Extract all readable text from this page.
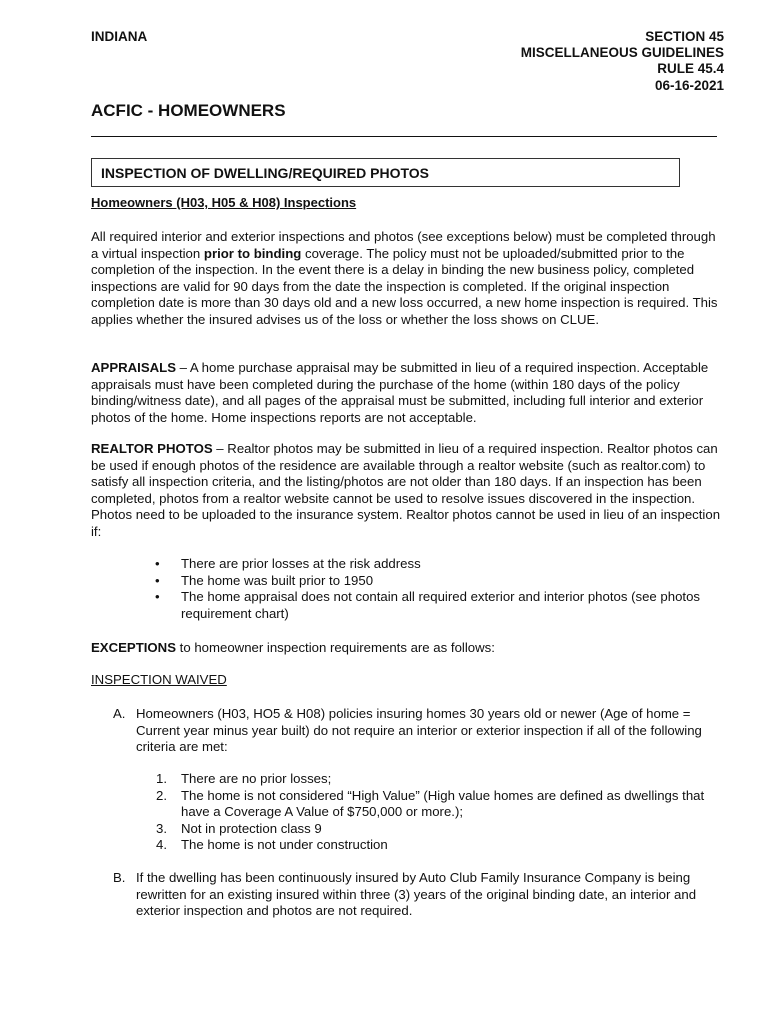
INDIANA	SECTION 45
MISCELLANEOUS GUIDELINES
RULE 45.4
06-16-2021
ACFIC - HOMEOWNERS
INSPECTION OF DWELLING/REQUIRED PHOTOS
Homeowners (H03, H05 & H08) Inspections

All required interior and exterior inspections and photos (see exceptions below) must be completed through a virtual inspection prior to binding coverage. The policy must not be uploaded/submitted prior to the completion of the inspection. In the event there is a delay in binding the new business policy, completed inspections are valid for 90 days from the date the inspection is completed. If the original inspection completion date is more than 30 days old and a new loss occurred, a new home inspection is required. This applies whether the insured advises us of the loss or whether the loss shows on CLUE.

APPRAISALS – A home purchase appraisal may be submitted in lieu of a required inspection. Acceptable appraisals must have been completed during the purchase of the home (within 180 days of the policy binding/witness date), and all pages of the appraisal must be submitted, including full interior and exterior photos of the home. Home inspections reports are not acceptable.

REALTOR PHOTOS – Realtor photos may be submitted in lieu of a required inspection. Realtor photos can be used if enough photos of the residence are available through a realtor website (such as realtor.com) to satisfy all inspection criteria, and the listing/photos are not older than 180 days. If an inspection has been completed, photos from a realtor website cannot be used to resolve issues discovered in the inspection. Photos need to be uploaded to the insurance system. Realtor photos cannot be used in lieu of an inspection if:

• There are prior losses at the risk address
• The home was built prior to 1950
• The home appraisal does not contain all required exterior and interior photos (see photos requirement chart)

EXCEPTIONS to homeowner inspection requirements are as follows:

INSPECTION WAIVED
A. Homeowners (H03, HO5 & H08) policies insuring homes 30 years old or newer (Age of home = Current year minus year built) do not require an interior or exterior inspection if all of the following criteria are met:
1. There are no prior losses;
2. The home is not considered “High Value” (High value homes are defined as dwellings that have a Coverage A Value of $750,000 or more.);
3. Not in protection class 9
4. The home is not under construction
B. If the dwelling has been continuously insured by Auto Club Family Insurance Company is being rewritten for an existing insured within three (3) years of the original binding date, an interior and exterior inspection and photos are not required.
